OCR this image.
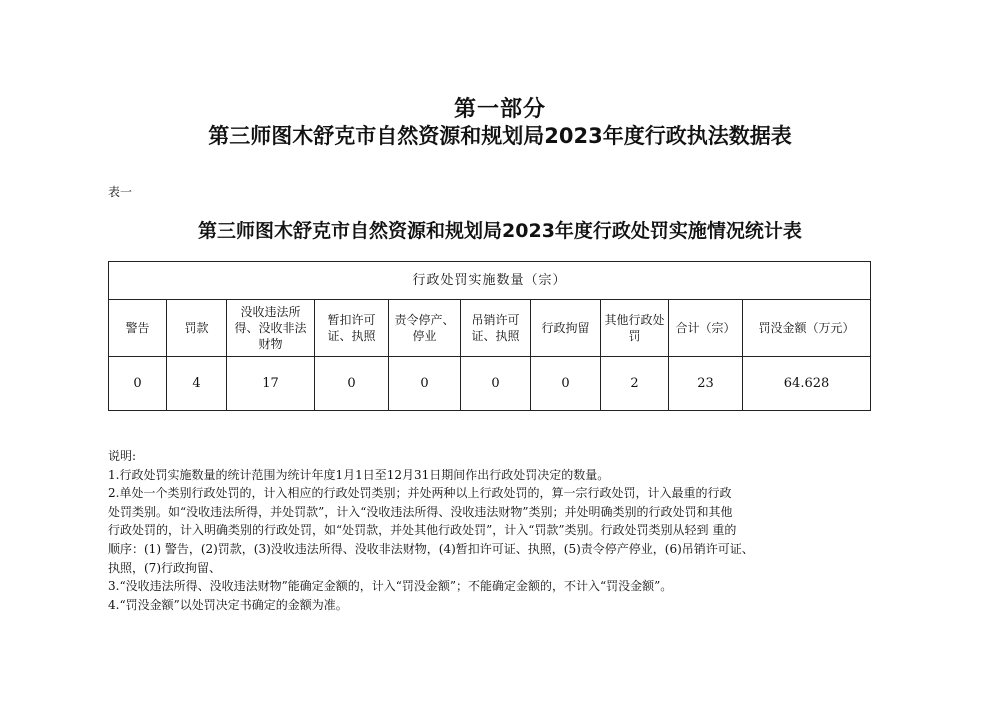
第一部分
第三师图木舒克市自然资源和规划局2023年度行政执法数据表
表一
第三师图木舒克市自然资源和规划局2023年度行政处罚实施情况统计表
行政处罚实施数量（宗）									
警告	罚款	没收违法所得、没收非法财物	暂扣许可证、执照	责令停产、停业	吊销许可证、执照	行政拘留	其他行政处罚	合计（宗）	罚没金额（万元）
0	4	17	0	0	0	0	2	23	64.628

说明:

1.行政处罚实施数量的统计范围为统计年度1月1日至12月31日期间作出行政处罚决定的数量。

2.单处一个类别行政处罚的，计入相应的行政处罚类别；并处两种以上行政处罚的，算一宗行政处罚，计入最重的行政

处罚类别。如“没收违法所得，并处罚款”，计入“没收违法所得、没收违法财物”类别；并处明确类别的行政处罚和其他

行政处罚的，计入明确类别的行政处罚，如“处罚款，并处其他行政处罚”，计入“罚款”类别。行政处罚类别从轻到 重的

顺序：(1) 警告，(2)罚款，(3)没收违法所得、没收非法财物，(4)暂扣许可证、执照，(5)责令停产停业，(6)吊销许可证、

执照，(7)行政拘留、

3.“没收违法所得、没收违法财物”能确定金额的，计入“罚没金额”；不能确定金额的，不计入“罚没金额”。

4.“罚没金额”以处罚决定书确定的金额为准。
